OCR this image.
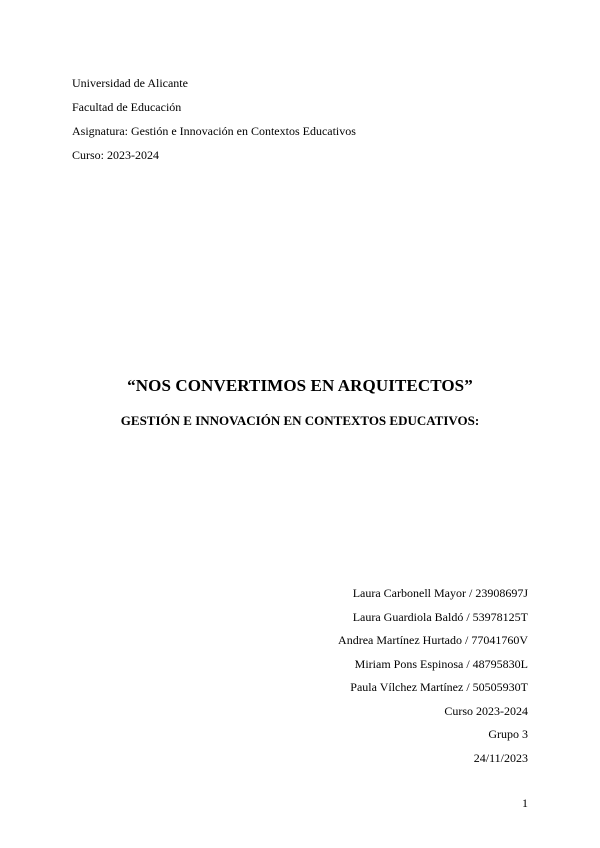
Universidad de Alicante
Facultad de Educación
Asignatura: Gestión e Innovación en Contextos Educativos
Curso: 2023-2024
“NOS CONVERTIMOS EN ARQUITECTOS”
GESTIÓN E INNOVACIÓN EN CONTEXTOS EDUCATIVOS:
Laura Carbonell Mayor / 23908697J
Laura Guardiola Baldó / 53978125T
Andrea Martínez Hurtado / 77041760V
Miriam Pons Espinosa / 48795830L
Paula Vílchez Martínez / 50505930T
Curso 2023-2024
Grupo 3
24/11/2023
1
